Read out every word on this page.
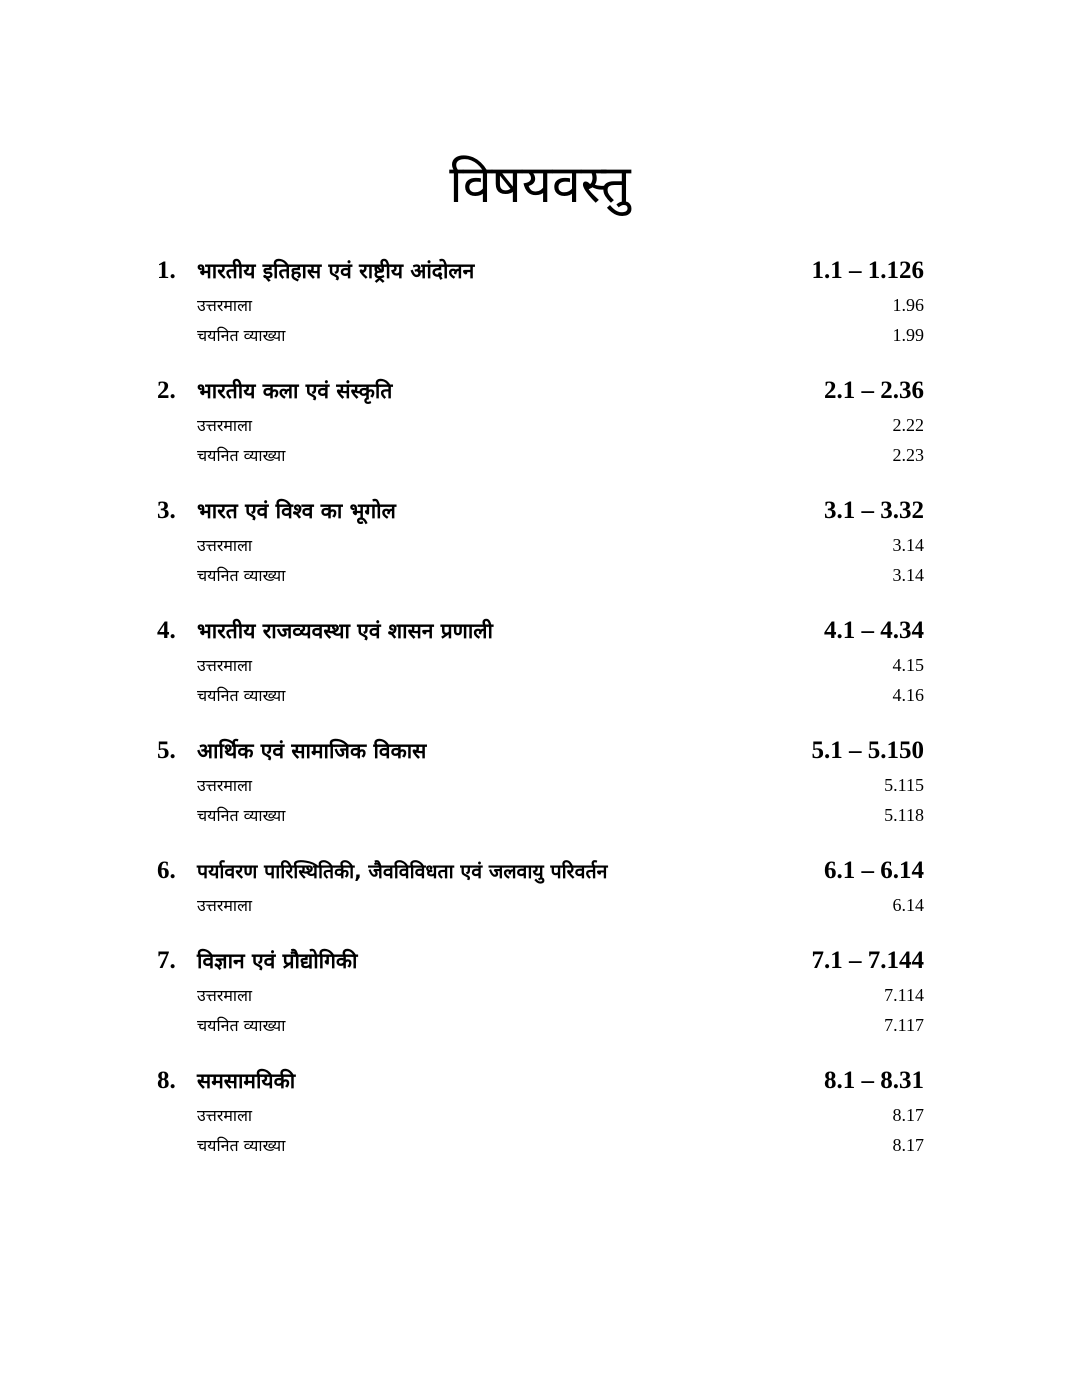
विषयवस्तु
1.	भारतीय इतिहास एवं राष्ट्रीय आंदोलन	1.1 – 1.126
उत्तरमाला	1.96
चयनित व्याख्या	1.99
2.	भारतीय कला एवं संस्कृति	2.1 – 2.36
उत्तरमाला	2.22
चयनित व्याख्या	2.23
3.	भारत एवं विश्व का भूगोल	3.1 – 3.32
उत्तरमाला	3.14
चयनित व्याख्या	3.14
4.	भारतीय राजव्यवस्था एवं शासन प्रणाली	4.1 – 4.34
उत्तरमाला	4.15
चयनित व्याख्या	4.16
5.	आर्थिक एवं सामाजिक विकास	5.1 – 5.150
उत्तरमाला	5.115
चयनित व्याख्या	5.118
6.	पर्यावरण पारिस्थितिकी, जैवविविधता एवं जलवायु परिवर्तन	6.1 – 6.14
उत्तरमाला	6.14
7.	विज्ञान एवं प्रौद्योगिकी	7.1 – 7.144
उत्तरमाला	7.114
चयनित व्याख्या	7.117
8.	समसामयिकी	8.1 – 8.31
उत्तरमाला	8.17
चयनित व्याख्या	8.17
